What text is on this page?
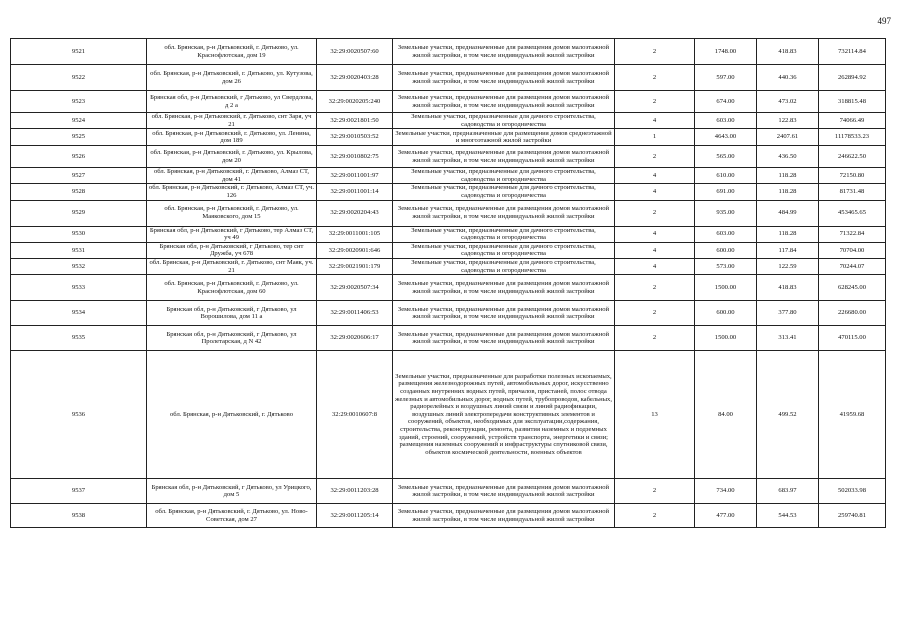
497
9521	обл. Брянская, р-н Дятьковский, г. Дятьково, ул. Краснофлотская, дом 19	32:29:0020507:60	Земельные участки, предназначенные для размещения домов малоэтажной жилой застройки, в том числе индивидуальной жилой застройки	2	1748.00	418.83	732114.84
9522	обл. Брянская, р-н Дятьковский, г. Дятьково, ул. Кутузова, дом 26	32:29:0020403:28	Земельные участки, предназначенные для размещения домов малоэтажной жилой застройки, в том числе индивидуальной жилой застройки	2	597.00	440.36	262894.92
9523	Брянская обл, р-н Дятьковский, г Дятьково, ул Свердлова, д 2 а	32:29:0020205:240	Земельные участки, предназначенные для размещения домов малоэтажной жилой застройки, в том числе индивидуальной жилой застройки	2	674.00	473.02	318815.48
9524	обл. Брянская, р-н Дятьковский, г. Дятьково, снт Заря, уч 21	32:29:0021801:50	Земельные участки, предназначенные для дачного строительства, садоводства и огородничества	4	603.00	122.83	74066.49
9525	обл. Брянская, р-н Дятьковский, г. Дятьково, ул. Ленина, дом 189	32:29:0010503:52	Земельные участки, предназначенные для размещения домов среднеэтажной и многоэтажной жилой застройки	1	4643.00	2407.61	11178533.23
9526	обл. Брянская, р-н Дятьковский, г. Дятьково, ул. Крылова, дом 20	32:29:0010802:75	Земельные участки, предназначенные для размещения домов малоэтажной жилой застройки, в том числе индивидуальной жилой застройки	2	565.00	436.50	246622.50
9527	обл. Брянская, р-н Дятьковский, г. Дятьково, Алмаз СТ, дом 41	32:29:0011001:97	Земельные участки, предназначенные для дачного строительства, садоводства и огородничества	4	610.00	118.28	72150.80
9528	обл. Брянская, р-н Дятьковский, г. Дятьково, Алмаз СТ, уч. 126	32:29:0011001:14	Земельные участки, предназначенные для дачного строительства, садоводства и огородничества	4	691.00	118.28	81731.48
9529	обл. Брянская, р-н Дятьковский, г. Дятьково, ул. Маяковского, дом 15	32:29:0020204:43	Земельные участки, предназначенные для размещения домов малоэтажной жилой застройки, в том числе индивидуальной жилой застройки	2	935.00	484.99	453465.65
9530	Брянская обл, р-н Дятьковский, г Дятьково, тер Алмаз СТ, уч 49	32:29:0011001:105	Земельные участки, предназначенные для дачного строительства, садоводства и огородничества	4	603.00	118.28	71322.84
9531	Брянская обл, р-н Дятьковский, г Дятьково, тер снт Дружба, уч 678	32:29:0020901:646	Земельные участки, предназначенные для дачного строительства, садоводства и огородничества	4	600.00	117.84	70704.00
9532	обл. Брянская, р-н Дятьковский, г. Дятьково, снт Маяк, уч. 21	32:29:0021901:179	Земельные участки, предназначенные для дачного строительства, садоводства и огородничества	4	573.00	122.59	70244.07
9533	обл. Брянская, р-н Дятьковский, г. Дятьково, ул. Краснофлотская, дом 60	32:29:0020507:34	Земельные участки, предназначенные для размещения домов малоэтажной жилой застройки, в том числе индивидуальной жилой застройки	2	1500.00	418.83	628245.00
9534	Брянская обл, р-н Дятьковский, г Дятьково, ул Ворошилова, дом 11 а	32:29:0011406:53	Земельные участки, предназначенные для размещения домов малоэтажной жилой застройки, в том числе индивидуальной жилой застройки	2	600.00	377.80	226680.00
9535	Брянская обл, р-н Дятьковский, г Дятьково, ул Пролетарская, д N 42	32:29:0020606:17	Земельные участки, предназначенные для размещения домов малоэтажной жилой застройки, в том числе индивидуальной жилой застройки	2	1500.00	313.41	470115.00
9536	обл. Брянская, р-н Дятьковский, г. Дятьково	32:29:0010607:8	Земельные участки, предназначенные для разработки полезных ископаемых, размещения железнодорожных путей, автомобильных дорог, искусственно созданных внутренних водных путей, причалов, пристаней, полос отвода железных и автомобильных дорог, водных путей, трубопроводов, кабельных, радиорелейных и воздушных линий связи и линий радиофикации, воздушных линий электропередачи конструктивных элементов и сооружений, объектов, необходимых для эксплуатации,содержания, строительства, реконструкции, ремонта, развития наземных и подземных зданий, строений, сооружений, устройств транспорта, энергетики и связи; размещения наземных сооружений и инфраструктуры спутниковой связи, объектов космической деятельности, военных объектов	13	84.00	499.52	41959.68
9537	Брянская обл, р-н Дятьковский, г Дятьково, ул Урицкого, дом 5	32:29:0011203:28	Земельные участки, предназначенные для размещения домов малоэтажной жилой застройки, в том числе индивидуальной жилой застройки	2	734.00	683.97	502033.98
9538	обл. Брянская, р-н Дятьковский, г. Дятьково, ул. Ново-Советская, дом 27	32:29:0011205:14	Земельные участки, предназначенные для размещения домов малоэтажной жилой застройки, в том числе индивидуальной жилой застройки	2	477.00	544.53	259740.81
